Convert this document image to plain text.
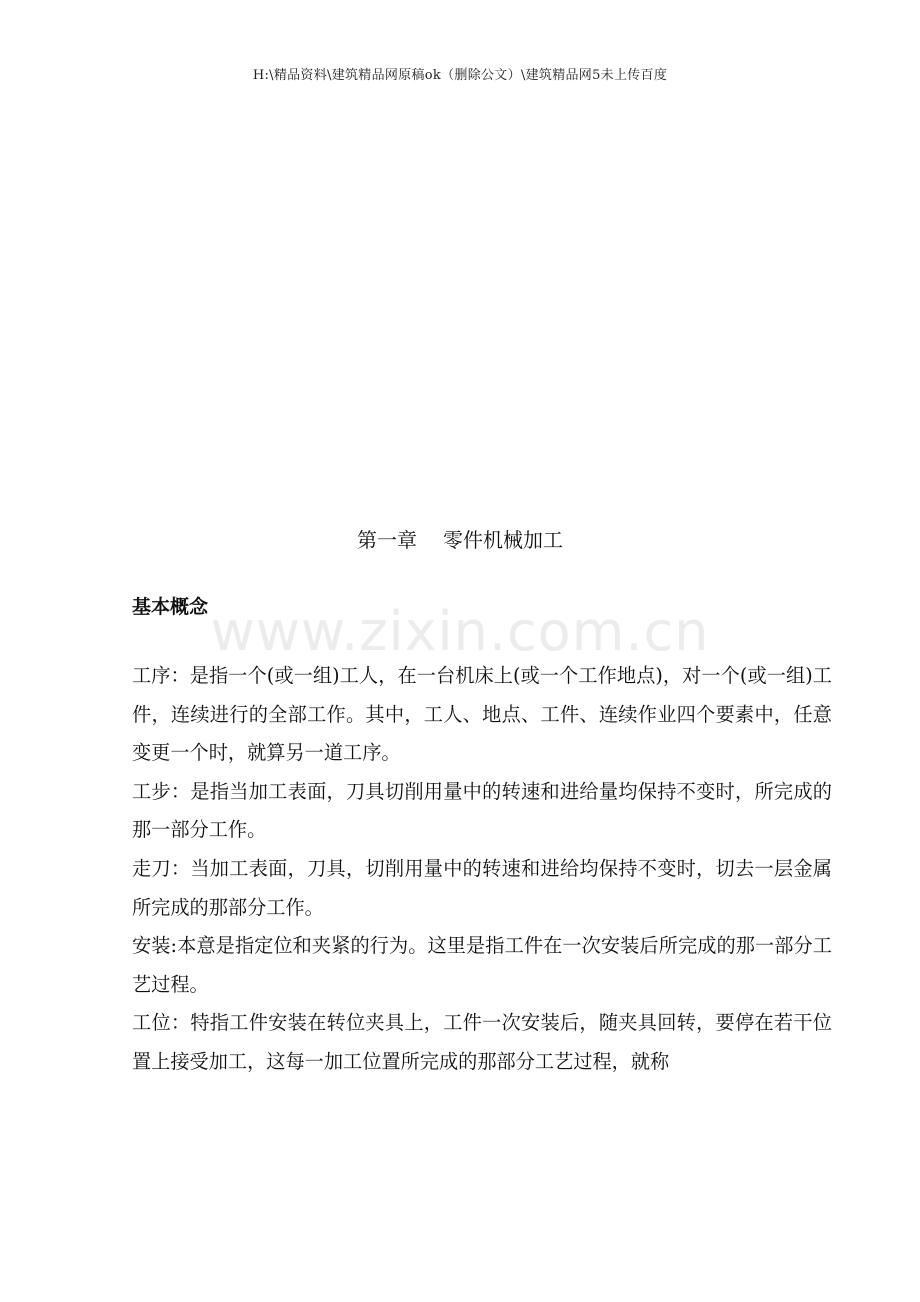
H:\精品资料\建筑精品网原稿ok（删除公文）\建筑精品网5未上传百度
www.zixin.com.cn
第一章 零件机械加工
基本概念

工序：是指一个(或一组)工人，在一台机床上(或一个工作地点)，对一个(或一组)工件，连续进行的全部工作。其中，工人、地点、工件、连续作业四个要素中，任意变更一个时，就算另一道工序。

工步：是指当加工表面，刀具切削用量中的转速和进给量均保持不变时，所完成的那一部分工作。

走刀：当加工表面，刀具，切削用量中的转速和进给均保持不变时，切去一层金属所完成的那部分工作。

安装:本意是指定位和夹紧的行为。这里是指工件在一次安装后所完成的那一部分工艺过程。

工位：特指工件安装在转位夹具上，工件一次安装后，随夹具回转，要停在若干位置上接受加工，这每一加工位置所完成的那部分工艺过程，就称
